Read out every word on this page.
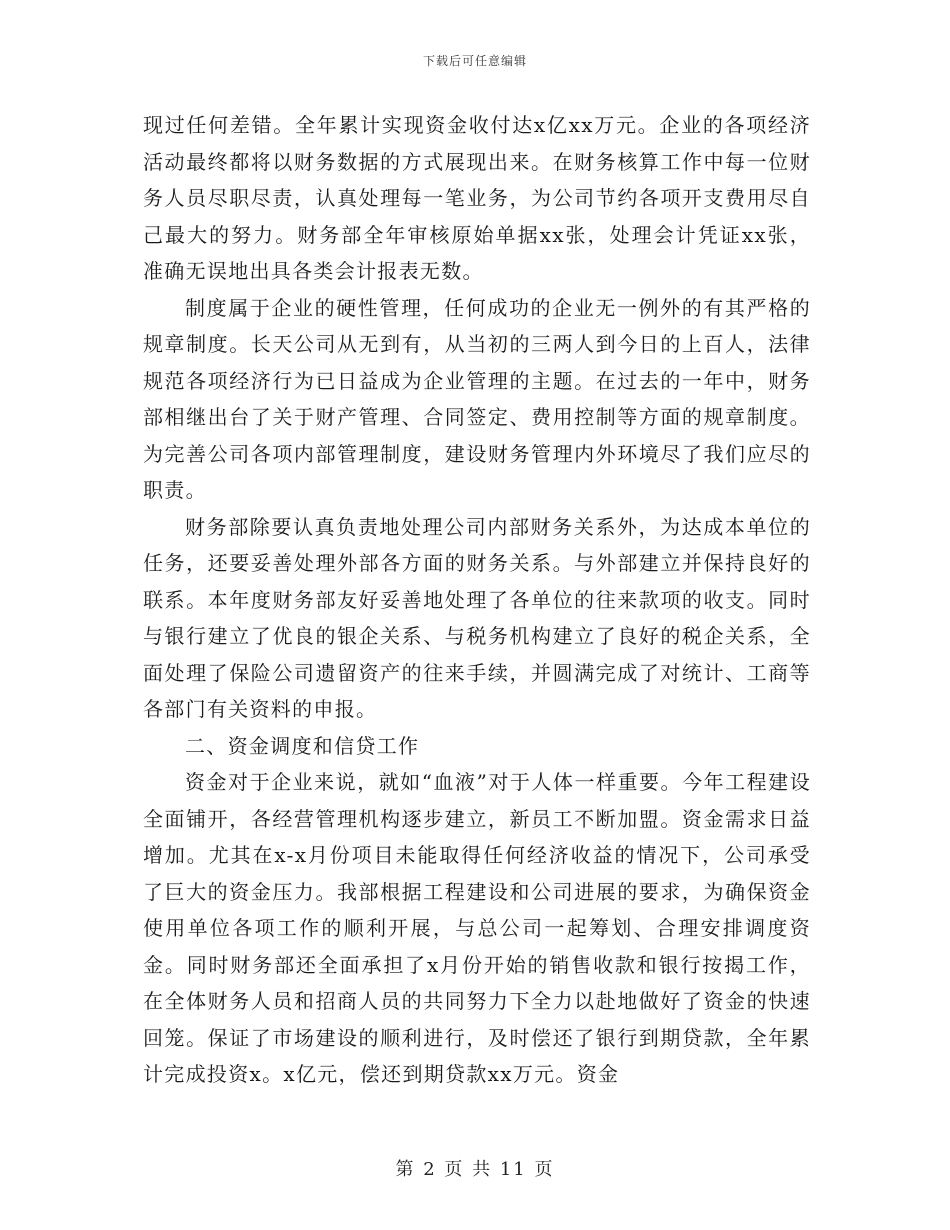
下载后可任意编辑

现过任何差错。全年累计实现资金收付达x亿xx万元。企业的各项经济活动最终都将以财务数据的方式展现出来。在财务核算工作中每一位财务人员尽职尽责，认真处理每一笔业务，为公司节约各项开支费用尽自己最大的努力。财务部全年审核原始单据xx张，处理会计凭证xx张，准确无误地出具各类会计报表无数。

制度属于企业的硬性管理，任何成功的企业无一例外的有其严格的规章制度。长天公司从无到有，从当初的三两人到今日的上百人，法律规范各项经济行为已日益成为企业管理的主题。在过去的一年中，财务部相继出台了关于财产管理、合同签定、费用控制等方面的规章制度。为完善公司各项内部管理制度，建设财务管理内外环境尽了我们应尽的职责。

财务部除要认真负责地处理公司内部财务关系外，为达成本单位的任务，还要妥善处理外部各方面的财务关系。与外部建立并保持良好的联系。本年度财务部友好妥善地处理了各单位的往来款项的收支。同时与银行建立了优良的银企关系、与税务机构建立了良好的税企关系，全面处理了保险公司遗留资产的往来手续，并圆满完成了对统计、工商等各部门有关资料的申报。

二、资金调度和信贷工作

资金对于企业来说，就如“血液”对于人体一样重要。今年工程建设全面铺开，各经营管理机构逐步建立，新员工不断加盟。资金需求日益增加。尤其在x-x月份项目未能取得任何经济收益的情况下，公司承受了巨大的资金压力。我部根据工程建设和公司进展的要求，为确保资金使用单位各项工作的顺利开展，与总公司一起筹划、合理安排调度资金。同时财务部还全面承担了x月份开始的销售收款和银行按揭工作，在全体财务人员和招商人员的共同努力下全力以赴地做好了资金的快速回笼。保证了市场建设的顺利进行，及时偿还了银行到期贷款，全年累计完成投资x。x亿元，偿还到期贷款xx万元。资金

第 2 页 共 11 页
